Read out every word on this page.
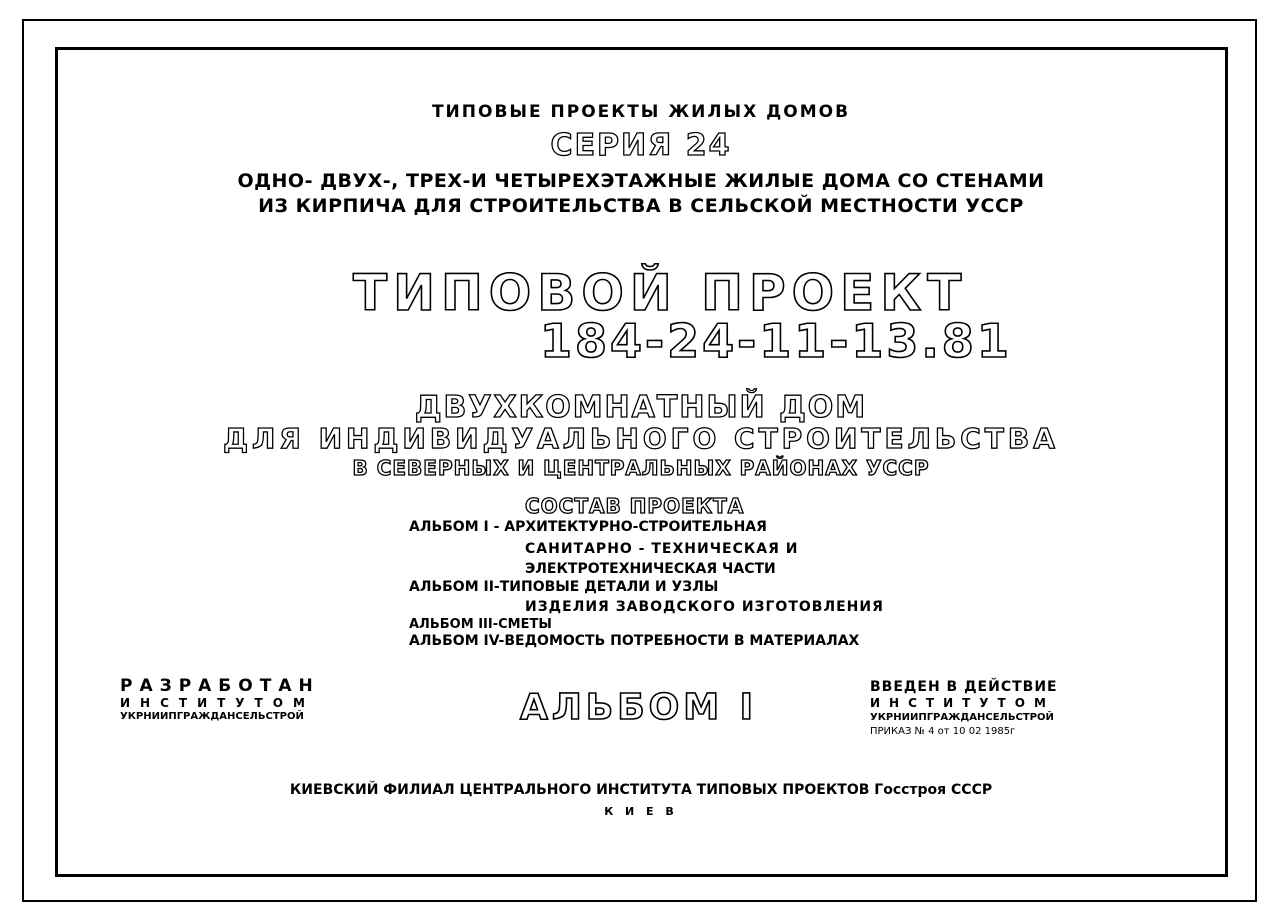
ТИПОВЫЕ ПРОЕКТЫ ЖИЛЫХ ДОМОВ
СЕРИЯ 24
ОДНО- ДВУХ-, ТРЕХ-И ЧЕТЫРЕХЭТАЖНЫЕ ЖИЛЫЕ ДОМА СО СТЕНАМИ
ИЗ КИРПИЧА ДЛЯ СТРОИТЕЛЬСТВА В СЕЛЬСКОЙ МЕСТНОСТИ УССР
ТИПОВОЙ ПРОЕКТ
184-24-11-13.81
ДВУХКОМНАТНЫЙ ДОМ
ДЛЯ ИНДИВИДУАЛЬНОГО СТРОИТЕЛЬСТВА
В СЕВЕРНЫХ И ЦЕНТРАЛЬНЫХ РАЙОНАХ УССР
СОСТАВ ПРОЕКТА
АЛЬБОМ I - АРХИТЕКТУРНО-СТРОИТЕЛЬНАЯ
САНИТАРНО - ТЕХНИЧЕСКАЯ И
ЭЛЕКТРОТЕХНИЧЕСКАЯ ЧАСТИ
АЛЬБОМ II-ТИПОВЫЕ ДЕТАЛИ И УЗЛЫ
ИЗДЕЛИЯ ЗАВОДСКОГО ИЗГОТОВЛЕНИЯ
АЛЬБОМ III-СМЕТЫ
АЛЬБОМ IV-ВЕДОМОСТЬ ПОТРЕБНОСТИ В МАТЕРИАЛАХ
РАЗРАБОТАН
ИНСТИТУТОМ
УКРНИИПГРАЖДАНСЕЛЬСТРОЙ	АЛЬБОМ I	ВВЕДЕН В ДЕЙСТВИЕ
ИНСТИТУТОМ
УКРНИИПГРАЖДАНСЕЛЬСТРОЙ
ПРИКАЗ № 4 от 10 02 1985г
КИЕВСКИЙ ФИЛИАЛ ЦЕНТРАЛЬНОГО ИНСТИТУТА ТИПОВЫХ ПРОЕКТОВ Госстроя СССР
К И Е В
